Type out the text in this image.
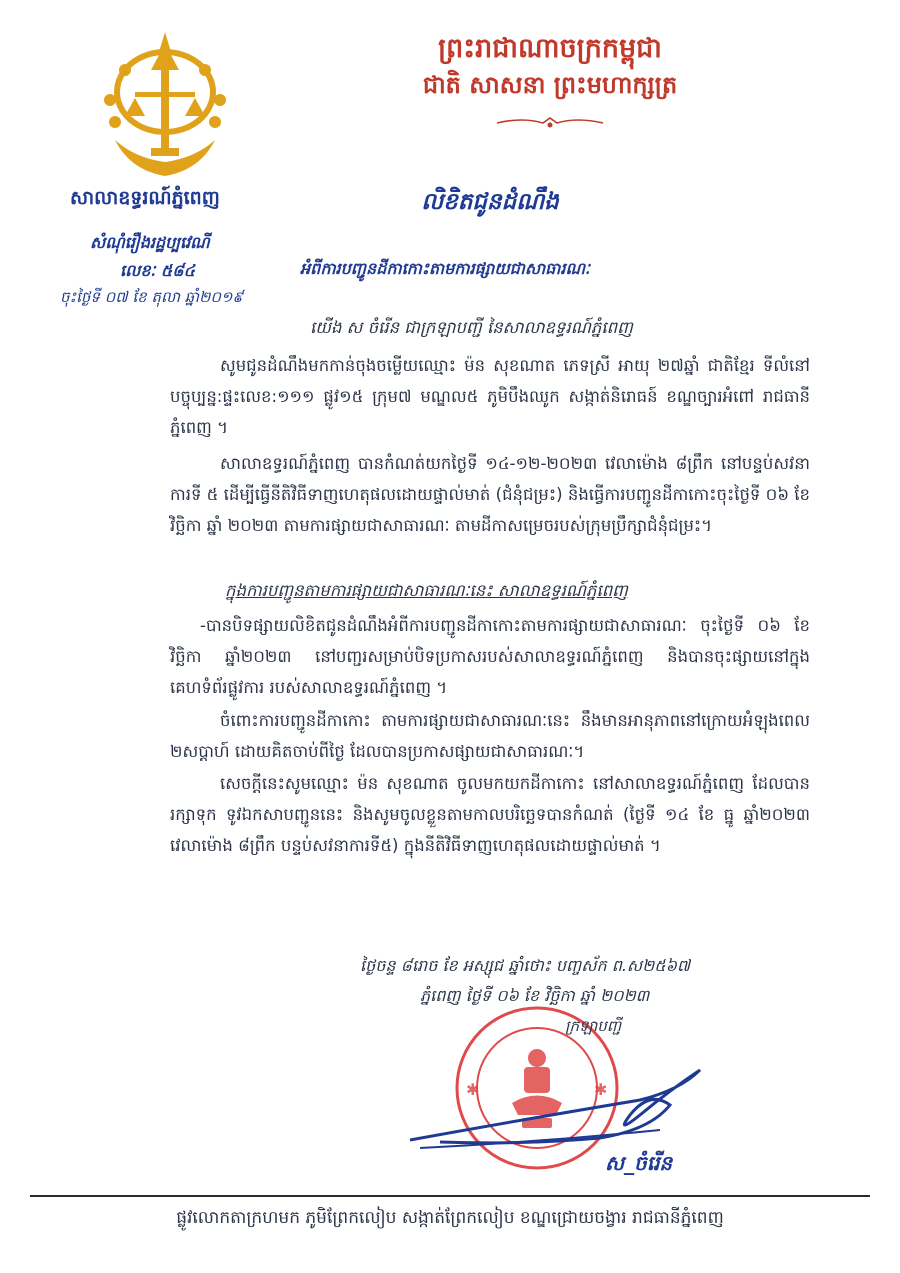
ព្រះរាជាណាចក្រកម្ពុជា
ជាតិ សាសនា ព្រះមហាក្សត្រ
សាលាឧទ្ធរណ៍ភ្នំពេញ
សំណុំរឿងរដ្ឋប្បវេណី
លេខៈ ៥៨៤
ចុះថ្ងៃទី ០៧ ខែ តុលា ឆ្នាំ២០១៩
លិខិតជូនដំណឹង
អំពីការបញ្ជូនដីកាកោះតាមការផ្សាយជាសាធារណៈ
យើង ស ចំរើន ជាក្រឡាបញ្ជី នៃសាលាឧទ្ធរណ៍ភ្នំពេញ
សូមជូនដំណឹងមកកាន់ចុងចម្លើយឈ្មោះ ម៉ន សុខណាត ភេទស្រី អាយុ ២៧ឆ្នាំ ជាតិខ្មែរ ទីលំនៅបច្ចុប្បន្ន:ផ្ទះលេខ:១១១ ផ្លូវ១៥ ក្រុម៧ មណ្ឌល៥ ភូមិបឹងឈូក សង្កាត់និរោធន៍ ខណ្ឌច្បារអំពៅ រាជធានីភ្នំពេញ ។
សាលាឧទ្ធរណ៍ភ្នំពេញ បានកំណត់យកថ្ងៃទី ១៤-១២-២០២៣ វេលាម៉ោង ៨ព្រឹក នៅបន្ទប់សវនាការទី ៥ ដើម្បីធ្វើនីតិវិធីទាញហេតុផលដោយផ្ទាល់មាត់ (ជំនុំជម្រះ) និងធ្វើការបញ្ជូនដីកាកោះចុះថ្ងៃទី ០៦ ខែ វិច្ឆិកា ឆ្នាំ ២០២៣ តាមការផ្សាយជាសាធារណៈ តាមដីកាសម្រេចរបស់ក្រុមប្រឹក្សាជំនុំជម្រះ។
ក្នុងការបញ្ជូនតាមការផ្សាយជាសាធារណៈនេះ សាលាឧទ្ធរណ៍ភ្នំពេញ
-បានបិទផ្សាយលិខិតជូនដំណឹងអំពីការបញ្ជូនដីកាកោះតាមការផ្សាយជាសាធារណៈ ចុះថ្ងៃទី ០៦ ខែ វិច្ឆិកា ឆ្នាំ២០២៣ នៅបញ្ជរសម្រាប់បិទប្រកាសរបស់សាលាឧទ្ធរណ៍ភ្នំពេញ និងបានចុះផ្សាយនៅក្នុងគេហទំព័រផ្លូវការ របស់សាលាឧទ្ធរណ៍ភ្នំពេញ ។
ចំពោះការបញ្ជូនដីកាកោះ តាមការផ្សាយជាសាធារណៈនេះ នឹងមានអានុភាពនៅក្រោយអំឡុងពេល ២សប្តាហ៍ ដោយគិតចាប់ពីថ្ងៃ ដែលបានប្រកាសផ្សាយជាសាធារណៈ។
សេចក្តីនេះសូមឈ្មោះ ម៉ន សុខណាត ចូលមកយកដីកាកោះ នៅសាលាឧទ្ធរណ៍ភ្នំពេញ ដែលបានរក្សាទុក ទូវឯកសាបញ្ជូននេះ និងសូមចូលខ្លួនតាមកាលបរិច្ឆេទបានកំណត់ (ថ្ងៃទី ១៤ ខែ ធ្នូ ឆ្នាំ២០២៣ វេលាម៉ោង ៨ព្រឹក បន្ទប់សវនាការទី៥) ក្នុងនីតិវិធីទាញហេតុផលដោយផ្ទាល់មាត់ ។
ថ្ងៃចន្ទ ៨រោច ខែ អស្សុជ ឆ្នាំថោះ បញ្ចស័ក ព.ស២៥៦៧
ភ្នំពេញ ថ្ងៃទី ០៦ ខែ វិច្ឆិកា ឆ្នាំ ២០២៣
✱	✱
ក្រឡាបញ្ជី
ស_ចំរើន
ផ្លូវលោកតាក្រហមក ភូមិព្រែកលៀប សង្កាត់ព្រែកលៀប ខណ្ឌជ្រោយចង្វារ រាជធានីភ្នំពេញ
